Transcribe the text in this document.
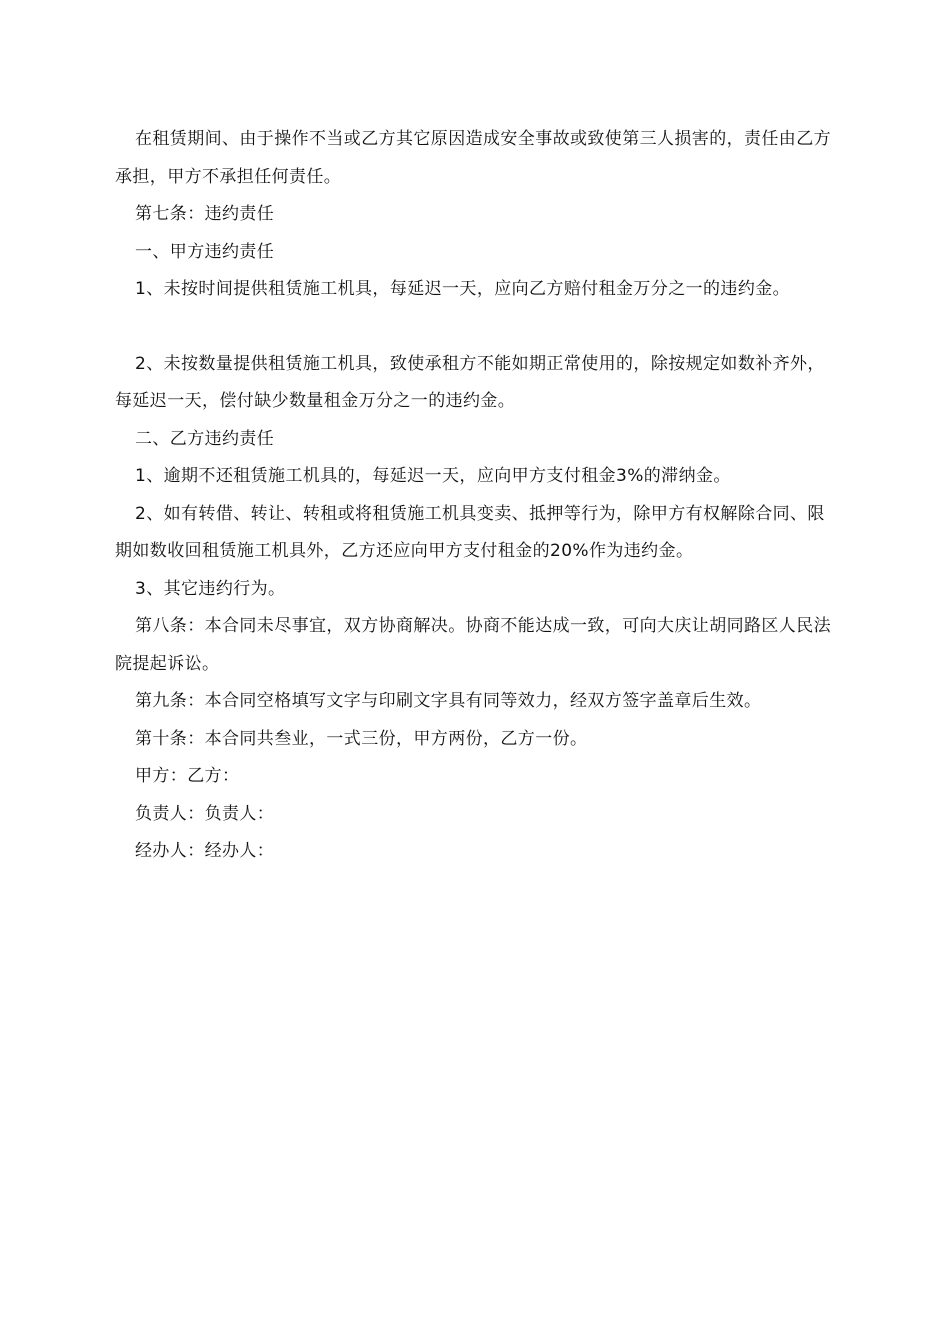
在租赁期间、由于操作不当或乙方其它原因造成安全事故或致使第三人损害的，责任由乙方承担，甲方不承担任何责任。

第七条：违约责任

一、甲方违约责任

1、未按时间提供租赁施工机具，每延迟一天，应向乙方赔付租金万分之一的违约金。

2、未按数量提供租赁施工机具，致使承租方不能如期正常使用的，除按规定如数补齐外，每延迟一天，偿付缺少数量租金万分之一的违约金。

二、乙方违约责任

1、逾期不还租赁施工机具的，每延迟一天，应向甲方支付租金3%的滞纳金。

2、如有转借、转让、转租或将租赁施工机具变卖、抵押等行为，除甲方有权解除合同、限期如数收回租赁施工机具外，乙方还应向甲方支付租金的20%作为违约金。

3、其它违约行为。

第八条：本合同未尽事宜，双方协商解决。协商不能达成一致，可向大庆让胡同路区人民法院提起诉讼。

第九条：本合同空格填写文字与印刷文字具有同等效力，经双方签字盖章后生效。

第十条：本合同共叁业，一式三份，甲方两份，乙方一份。

甲方：乙方：

负责人：负责人：

经办人：经办人：
